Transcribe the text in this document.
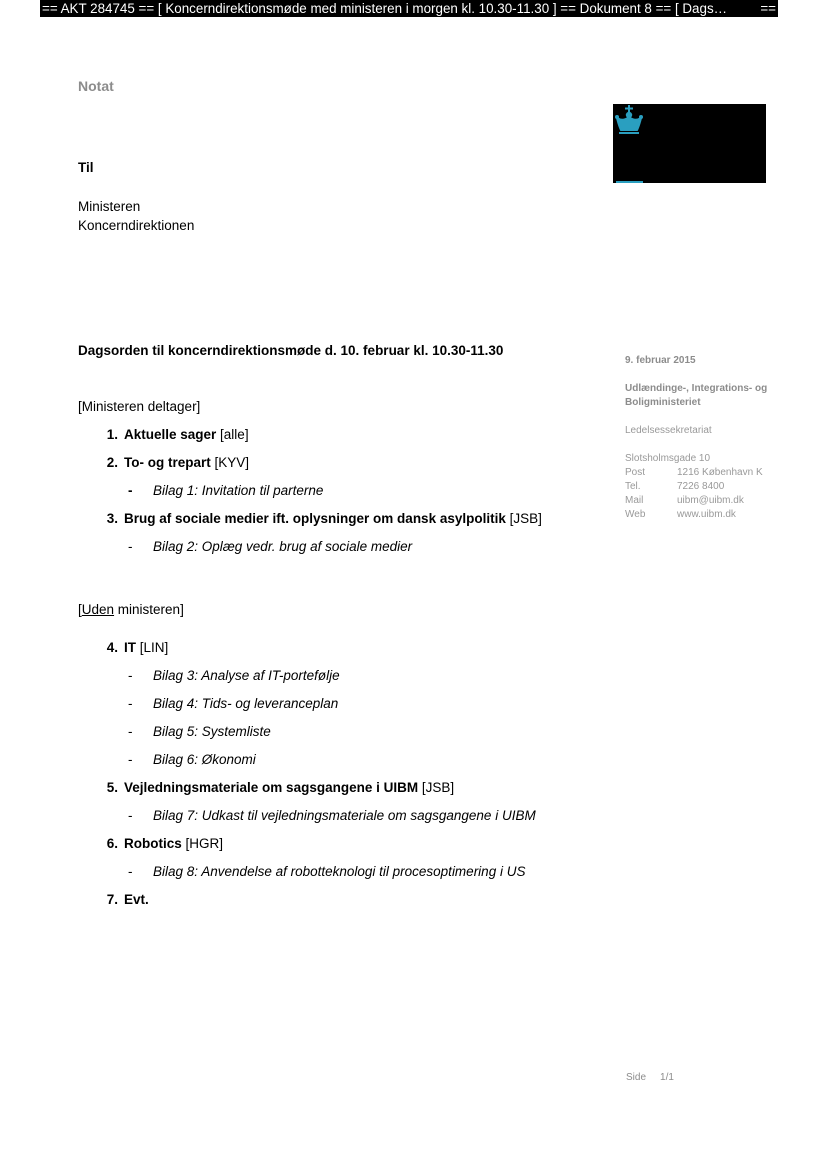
== AKT 284745 == [ Koncerndirektionsmøde med ministeren i morgen kl. 10.30-11.30 ] == Dokument 8 == [ Dags… ==
Notat
Til
Ministeren
Koncerndirektionen
Dagsorden til koncerndirektionsmøde d. 10. februar kl. 10.30-11.30
[Ministeren deltager]
1. Aktuelle sager [alle]
2. To- og trepart [KYV]
- Bilag 1: Invitation til parterne
3. Brug af sociale medier ift. oplysninger om dansk asylpolitik [JSB]
- Bilag 2: Oplæg vedr. brug af sociale medier
[Uden ministeren]
4. IT [LIN]
- Bilag 3: Analyse af IT-portefølje
- Bilag 4: Tids- og leveranceplan
- Bilag 5: Systemliste
- Bilag 6: Økonomi
5. Vejledningsmateriale om sagsgangene i UIBM [JSB]
- Bilag 7: Udkast til vejledningsmateriale om sagsgangene i UIBM
6. Robotics [HGR]
- Bilag 8: Anvendelse af robotteknologi til procesoptimering i US
7. Evt.
9. februar 2015
Udlændinge-, Integrations- og
Boligministeriet
Ledelsessekretariat
Slotsholmsgade 10
Post	1216 København K
Tel.	7226 8400
Mail	uibm@uibm.dk
Web	www.uibm.dk
Side 1/1
